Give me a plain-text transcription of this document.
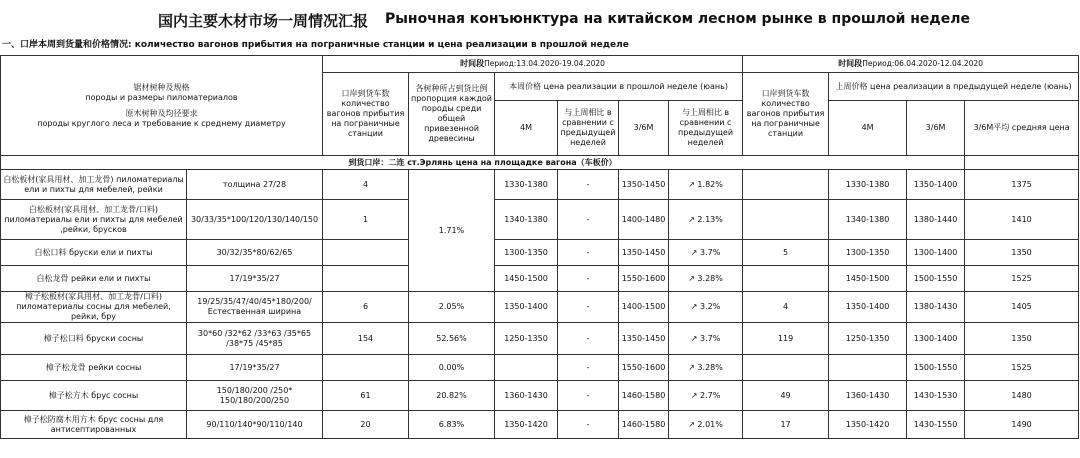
国内主要木材市场一周情况汇报 Рыночная конъюнктура на китайском лесном рынке в прошлой неделе
一、口岸本周到货量和价格情况: количество вагонов прибытия на пограничные станции и цена реализации в прошлой неделе
锯材树种及规格
породы и размеры пиломатериалов
原木树种及均径要求
породы круглого леса и требование к среднему диаметру		时间段Период:13.04.2020-19.04.2020						时间段Период:06.04.2020-12.04.2020			
		口岸到货车数 количество вагонов прибытия на пограничные станции	各树种所占到货比例 пропорция каждой породы среди общей привезенной древесины	本周价格 цена реализации в прошлой неделе (юань)				口岸到货车数 количество вагонов прибытия на пограничные станции	上周价格 цена реализации в предыдущей неделе (юань)		
				4M	与上周相比 в сравнении с предыдущей неделей	3/6M	与上周相比 в сравнении с предыдущей неделей		4M	3/6M	3/6M平均 средняя цена
到货口岸：二连 ст.Эрлянь цена на площадке вагона（车板价）											
白松板材(家具用材、加工龙骨) пиломатериалы ели и пихты для мебелей, рейки	толщина 27/28	4	1.71%	1330-1380	-	1350-1450	↗ 1.82%		1330-1380	1350-1400	1375
白松板材(家具用材、加工龙骨/口料) пиломатериалы ели и пихты для мебелей ,рейки, брусков	30/33/35*100/120/130/140/150	1		1340-1380	-	1400-1480	↗ 2.13%		1340-1380	1380-1440	1410
白松口料 бруски ели и пихты	30/32/35*80/62/65			1300-1350	-	1350-1450	↗ 3.7%	5	1300-1350	1300-1400	1350
白松龙骨 рейки ели и пихты	17/19*35/27			1450-1500	-	1550-1600	↗ 3.28%		1450-1500	1500-1550	1525
樟子松板材(家具用材、加工龙骨/口料) пиломатериалы сосны для мебелей, рейки, бру	19/25/35/47/40/45*180/200/ Естественная ширина	6	2.05%	1350-1400	-	1400-1500	↗ 3.2%	4	1350-1400	1380-1430	1405
樟子松口料 бруски сосны	30*60 /32*62 /33*63 /35*65 /38*75 /45*85	154	52.56%	1250-1350	-	1350-1450	↗ 3.7%	119	1250-1350	1300-1400	1350
樟子松龙骨 рейки сосны	17/19*35/27		0.00%		-	1550-1600	↗ 3.28%			1500-1550	1525
樟子松方木 брус сосны	150/180/200 /250* 150/180/200/250	61	20.82%	1360-1430	-	1460-1580	↗ 2.7%	49	1360-1430	1430-1530	1480
樟子松防腐木用方木 брус сосны для антисептированных	90/110/140*90/110/140	20	6.83%	1350-1420	-	1460-1580	↗ 2.01%	17	1350-1420	1430-1550	1490
